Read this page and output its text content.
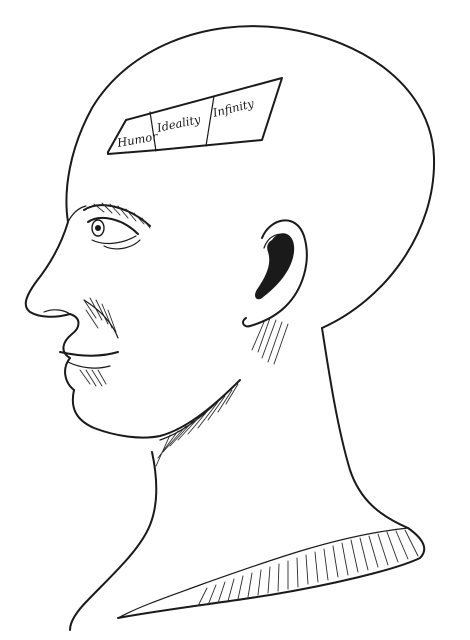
Humor
Ideality
Infinity
